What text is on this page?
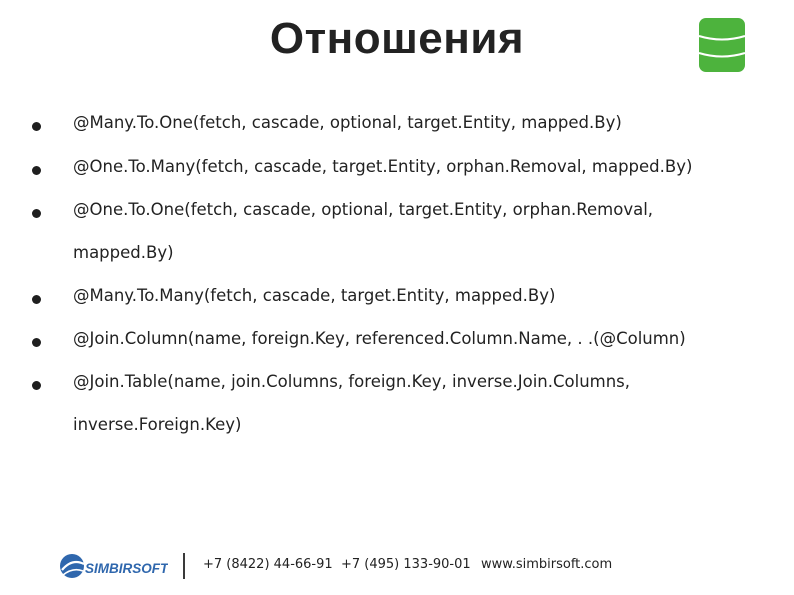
Отношения
@Many.To.One(fetch, cascade, optional, target.Entity, mapped.By)
@One.To.Many(fetch, cascade, target.Entity, orphan.Removal, mapped.By)
@One.To.One(fetch, cascade, optional, target.Entity, orphan.Removal,
mapped.By)
@Many.To.Many(fetch, cascade, target.Entity, mapped.By)
@Join.Column(name, foreign.Key, referenced.Column.Name, . .(@Column)
@Join.Table(name, join.Columns, foreign.Key, inverse.Join.Columns,
inverse.Foreign.Key)
SIMBIRSOFT	+7 (8422) 44-66-91 +7 (495) 133-90-01 www.simbirsoft.com
